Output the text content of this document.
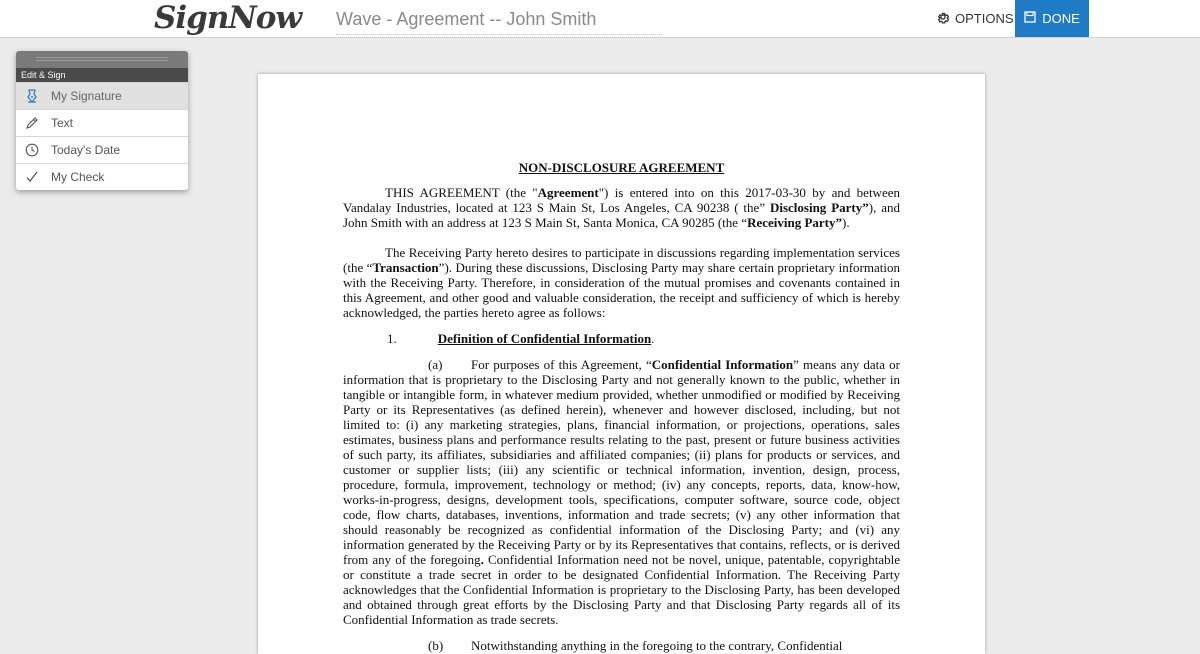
SignNow Wave - Agreement -- John Smith	OPTIONS DONE
Edit & Sign
My Signature
Text
Today's Date
My Check

NON-DISCLOSURE AGREEMENT

THIS AGREEMENT (the "Agreement") is entered into on this 2017-03-30 by and between Vandalay Industries, located at 123 S Main St, Los Angeles, CA 90238 ( the” Disclosing Party”), and John Smith with an address at 123 S Main St, Santa Monica, CA 90285 (the “Receiving Party”).

The Receiving Party hereto desires to participate in discussions regarding implementation services (the “Transaction”). During these discussions, Disclosing Party may share certain proprietary information with the Receiving Party. Therefore, in consideration of the mutual promises and covenants contained in this Agreement, and other good and valuable consideration, the receipt and sufficiency of which is hereby acknowledged, the parties hereto agree as follows:

1.	Definition of Confidential Information.

(a) For purposes of this Agreement, “Confidential Information” means any data or information that is proprietary to the Disclosing Party and not generally known to the public, whether in tangible or intangible form, in whatever medium provided, whether unmodified or modified by Receiving Party or its Representatives (as defined herein), whenever and however disclosed, including, but not limited to: (i) any marketing strategies, plans, financial information, or projections, operations, sales estimates, business plans and performance results relating to the past, present or future business activities of such party, its affiliates, subsidiaries and affiliated companies; (ii) plans for products or services, and customer or supplier lists; (iii) any scientific or technical information, invention, design, process, procedure, formula, improvement, technology or method; (iv) any concepts, reports, data, know-how, works-in-progress, designs, development tools, specifications, computer software, source code, object code, flow charts, databases, inventions, information and trade secrets; (v) any other information that should reasonably be recognized as confidential information of the Disclosing Party; and (vi) any information generated by the Receiving Party or by its Representatives that contains, reflects, or is derived from any of the foregoing. Confidential Information need not be novel, unique, patentable, copyrightable or constitute a trade secret in order to be designated Confidential Information. The Receiving Party acknowledges that the Confidential Information is proprietary to the Disclosing Party, has been developed and obtained through great efforts by the Disclosing Party and that Disclosing Party regards all of its Confidential Information as trade secrets.

(b) Notwithstanding anything in the foregoing to the contrary, Confidential
